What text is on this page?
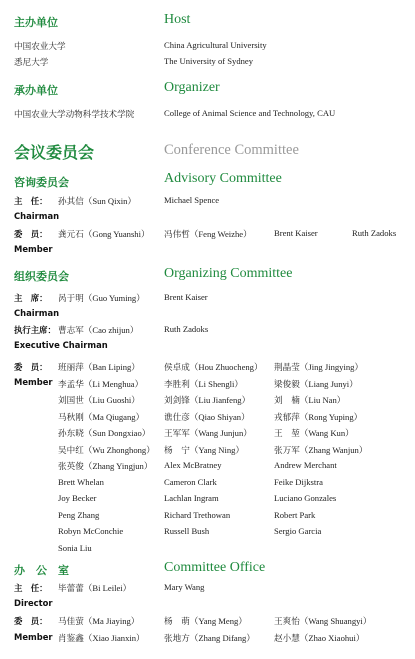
主办单位	Host
中国农业大学	China Agricultural University
悉尼大学	The University of Sydney
承办单位	Organizer
中国农业大学动物科学技术学院	College of Animal Science and Technology, CAU
会议委员会	Conference Committee
咨询委员会	Advisory Committee
主　任： 孙其信（Sun Qixin）	Michael Spence
Chairman
委　员： 龚元石（Gong Yuanshi） 冯伟哲（Feng Weizhe）	Brent Kaiser	Ruth Zadoks
Member
组织委员会	Organizing Committee
主　席： 呙于明（Guo Yuming） Brent Kaiser
Chairman
执行主席： 曹志军（Cao zhijun）	Ruth Zadoks
Executive Chairman
委　员：
Member
班丽萍（Ban Liping）	侯卓成（Hou Zhuocheng） 荆晶莹（Jing Jingying）
李孟华（Li Menghua） 李胜利（Li Shengli）	梁俊毅（Liang Junyi）
刘国世（Liu Guoshi）	刘剑锋（Liu Jianfeng）	刘　楠（Liu Nan）
马秋刚（Ma Qiugang） 谯仕彦（Qiao Shiyan）	戎郁萍（Rong Yuping）
孙东晓（Sun Dongxiao） 王军军（Wang Junjun）	王　堃（Wang Kun）
吴中红（Wu Zhonghong） 杨　宁（Yang Ning）	张万军（Zhang Wanjun）
张英俊（Zhang Yingjun） Alex McBratney	Andrew Merchant
Brett Whelan	Cameron Clark	Feike Dijkstra
Joy Becker	Lachlan Ingram	Luciano Gonzales
Peng Zhang	Richard Trethowan	Robert Park
Robyn McConchie	Russell Bush	Sergio Garcia
Sonia Liu
办　公　室	Committee Office
主　任： 毕蕾蕾（Bi Leilei）	Mary Wang
Director
委　员：
Member
马佳萤（Ma Jiaying）	杨　萌（Yang Meng）	王爽怡（Wang Shuangyi）
肖鉴鑫（Xiao Jianxin） 张地方（Zhang Difang） 赵小慧（Zhao Xiaohui）
